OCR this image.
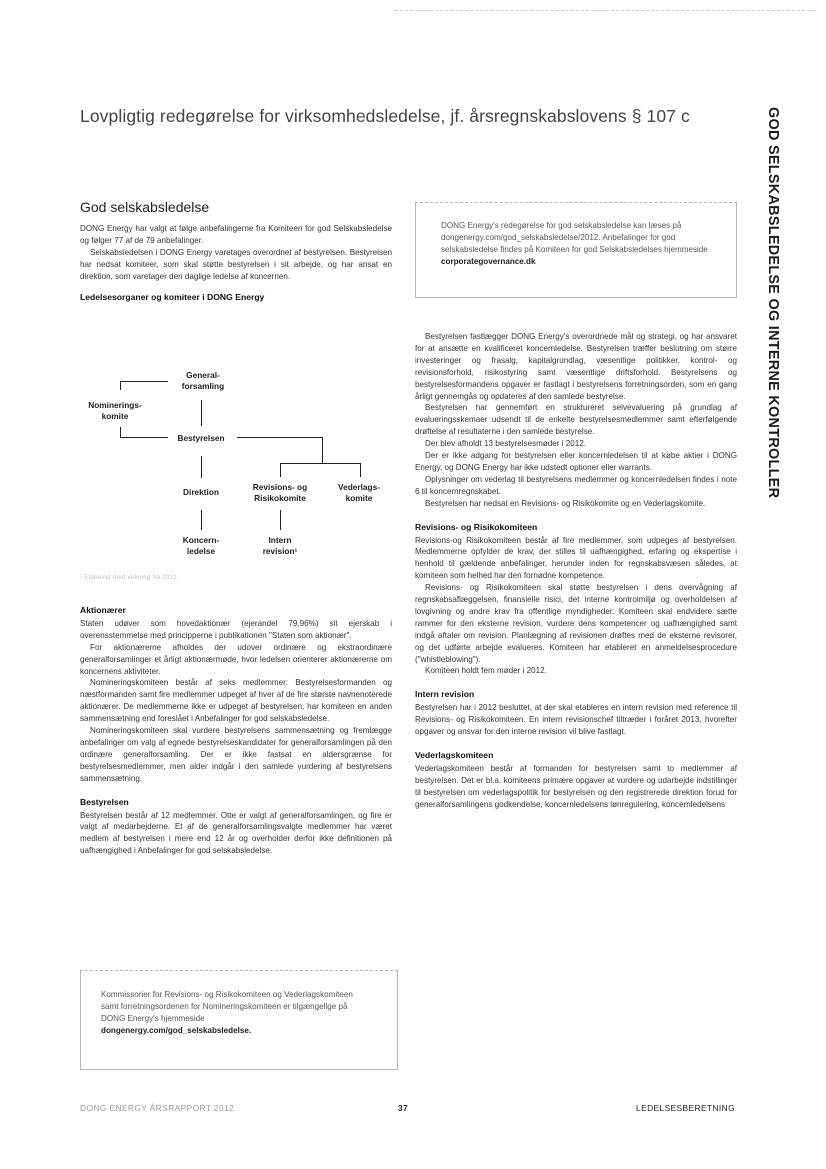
Lovpligtig redegørelse for virksomhedsledelse, jf. årsregnskabslovens § 107 c	GOD SELSKABSLEDELSE OG INTERNE KONTROLLER
God selskabsledelse

DONG Energy har valgt at følge anbefalingerne fra Komiteen for god Selskabsledelse og følger 77 af de 79 anbefalinger.

Selskabsledelsen i DONG Energy varetages overordnet af bestyrelsen. Bestyrelsen har nedsat komiteer, som skal støtte bestyrelsen i sit arbejde, og har ansat en direktion, som varetager den daglige ledelse af koncernen.

Ledelsesorganer og komiteer i DONG Energy
General-
forsamling
Nominerings-
komite
Bestyrelsen
Direktion	Revisions- og
Risikokomite
Vederlags-
komite
Koncern-
ledelse
Intern
revision¹
¹ Etableret med virkning fra 2013
Aktionærer

Staten udøver som hovedaktionær (ejerandel 79,96%) sit ejerskab i overensstemmelse med principperne i publikationen "Staten som aktionær".

For aktionærerne afholdes der udover ordinære og ekstraordinære generalforsamlinger et årligt aktionærmøde, hvor ledelsen orienterer aktionærerne om koncernens aktiviteter.

Nomineringskomiteen består af seks medlemmer: Bestyrelsesformanden og næstformanden samt fire medlemmer udpeget af hver af de fire største navnenoterede aktionærer. De medlemmerne ikke er udpeget af bestyrelsen, har komiteen en anden sammensætning end foreslået i Anbefalinger for god selskabsledelse.

Nomineringskomiteen skal vurdere bestyrelsens sammensætning og fremlægge anbefalinger om valg af egnede bestyrelseskandidater for generalforsamlingen på den ordinære generalforsamling. Der er ikke fastsat en aldersgrænse for bestyrelsesmedlemmer, men alder indgår i den samlede vurdering af bestyrelsens sammensætning.

Bestyrelsen

Bestyrelsen består af 12 medlemmer. Otte er valgt af generalforsamlingen, og fire er valgt af medarbejderne. Et af de generalforsamlingsvalgte medlemmer har været medlem af bestyrelsen i mere end 12 år og overholder derfor ikke definitionen på uafhængighed i Anbefalinger for god selskabsledelse.

Kommissorier for Revisions- og Risikokomiteen og Vederlagskomiteen samt forretningsordenen for Nomineringskomiteen er tilgængelige på DONG Energy's hjemmeside
dongenergy.com/god_selskabsledelse.
DONG Energy's redegørelse for god selskabsledelse kan læses på dongenergy.com/god_selskabsledelse/2012. Anbefalinger for god selskabsledelse findes på Komiteen for god Selskabsledelses hjemmeside corporategovernance.dk

Bestyrelsen fastlægger DONG Energy's overordnede mål og strategi, og har ansvaret for at ansætte en kvalificeret koncernledelse. Bestyrelsen træffer beslutning om større investeringer og frasalg, kapitalgrundlag, væsentlige politikker, kontrol- og revisionsforhold, risikostyring samt væsentlige driftsforhold. Bestyrelsens og bestyrelsesformandens opgaver er fastlagt i bestyrelsens forretningsorden, som en gang årligt gennemgås og opdateres af den samlede bestyrelse.

Bestyrelsen har gennemført en struktureret selvevaluering på grundlag af evalueringsskemaer udsendt til de enkelte bestyrelsesmedlemmer samt efterfølgende drøftelse af resultaterne i den samlede bestyrelse.

Der blev afholdt 13 bestyrelsesmøder i 2012.

Der er ikke adgang for bestyrelsen eller koncernledelsen til at købe aktier i DONG Energy, og DONG Energy har ikke udstedt optioner eller warrants.

Oplysninger om vederlag til bestyrelsens medlemmer og koncernledelsen findes i note 6 til koncernregnskabet.

Bestyrelsen har nedsat en Revisions- og Risikokomite og en Vederlagskomite.

Revisions- og Risikokomiteen

Revisions-og Risikokomiteen består af fire medlemmer, som udpeges af bestyrelsen. Medlemmerne opfylder de krav, der stilles til uafhængighed, erfaring og ekspertise i henhold til gældende anbefalinger, herunder inden for regnskabsvæsen således, at komiteen som helhed har den fornødne kompetence.

Revisions- og Risikokomiteen skal støtte bestyrelsen i dens overvågning af regnskabsaflæggelsen, finansielle risici, det interne kontrolmiljø og overholdelsen af lovgivning og andre krav fra offentlige myndigheder. Komiteen skal endvidere sætte rammer for den eksterne revision, vurdere dens kompetencer og uafhængighed samt indgå aftaler om revision. Planlægning af revisionen drøftes med de eksterne revisorer, og det udførte arbejde evalueres. Komiteen har etableret en anmeldelsesprocedure ("whistleblowing").

Komiteen holdt fem møder i 2012.

Intern revision

Bestyrelsen har i 2012 besluttet, at der skal etableres en intern revision med reference til Revisions- og Risikokomiteen. En intern revisionschef tiltræder i foråret 2013, hvorefter opgaver og ansvar for den interne revision vil blive fastlagt.

Vederlagskomiteen

Vederlagskomiteen består af formanden for bestyrelsen samt to medlemmer af bestyrelsen. Det er bl.a. komiteens primære opgaver at vurdere og udarbejde indstillinger til bestyrelsen om vederlagspolitik for bestyrelsen og den registrerede direktion forud for generalforsamlingens godkendelse, koncernledelsens lønregulering, koncernledelsens

DONG ENERGY ÅRSRAPPORT 2012	37	LEDELSESBERETNING
